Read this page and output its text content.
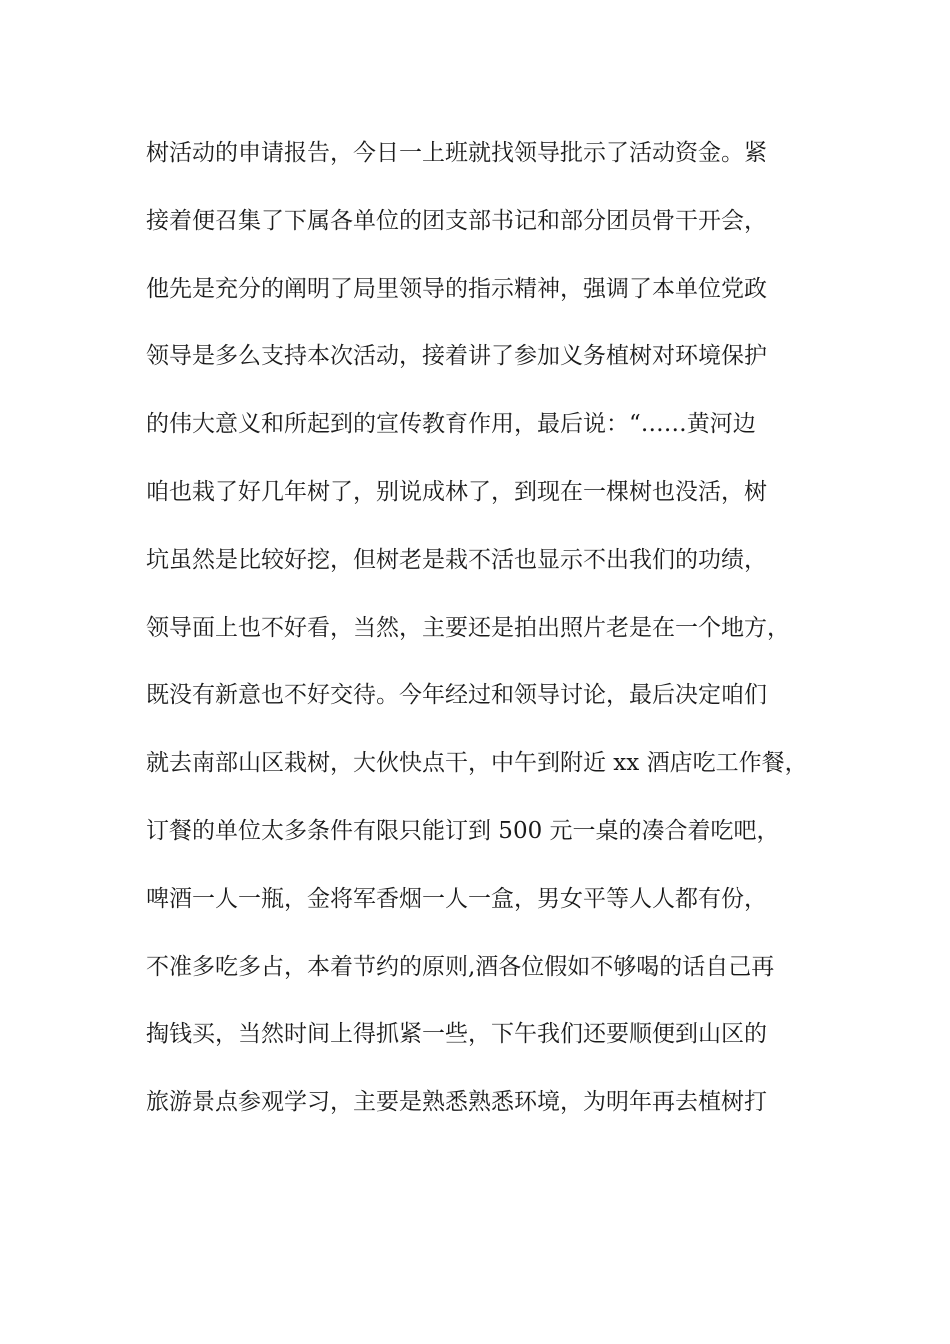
树活动的申请报告，今日一上班就找领导批示了活动资金。紧
接着便召集了下属各单位的团支部书记和部分团员骨干开会，
他先是充分的阐明了局里领导的指示精神，强调了本单位党政
领导是多么支持本次活动，接着讲了参加义务植树对环境保护
的伟大意义和所起到的宣传教育作用，最后说：“……黄河边
咱也栽了好几年树了，别说成林了，到现在一棵树也没活，树
坑虽然是比较好挖，但树老是栽不活也显示不出我们的功绩，
领导面上也不好看，当然，主要还是拍出照片老是在一个地方，
既没有新意也不好交待。今年经过和领导讨论，最后决定咱们
就去南部山区栽树，大伙快点干，中午到附近 xx 酒店吃工作餐，
订餐的单位太多条件有限只能订到 500 元一桌的凑合着吃吧，
啤酒一人一瓶，金将军香烟一人一盒，男女平等人人都有份，
不准多吃多占，本着节约的原则,酒各位假如不够喝的话自己再
掏钱买，当然时间上得抓紧一些，下午我们还要顺便到山区的
旅游景点参观学习，主要是熟悉熟悉环境，为明年再去植树打
